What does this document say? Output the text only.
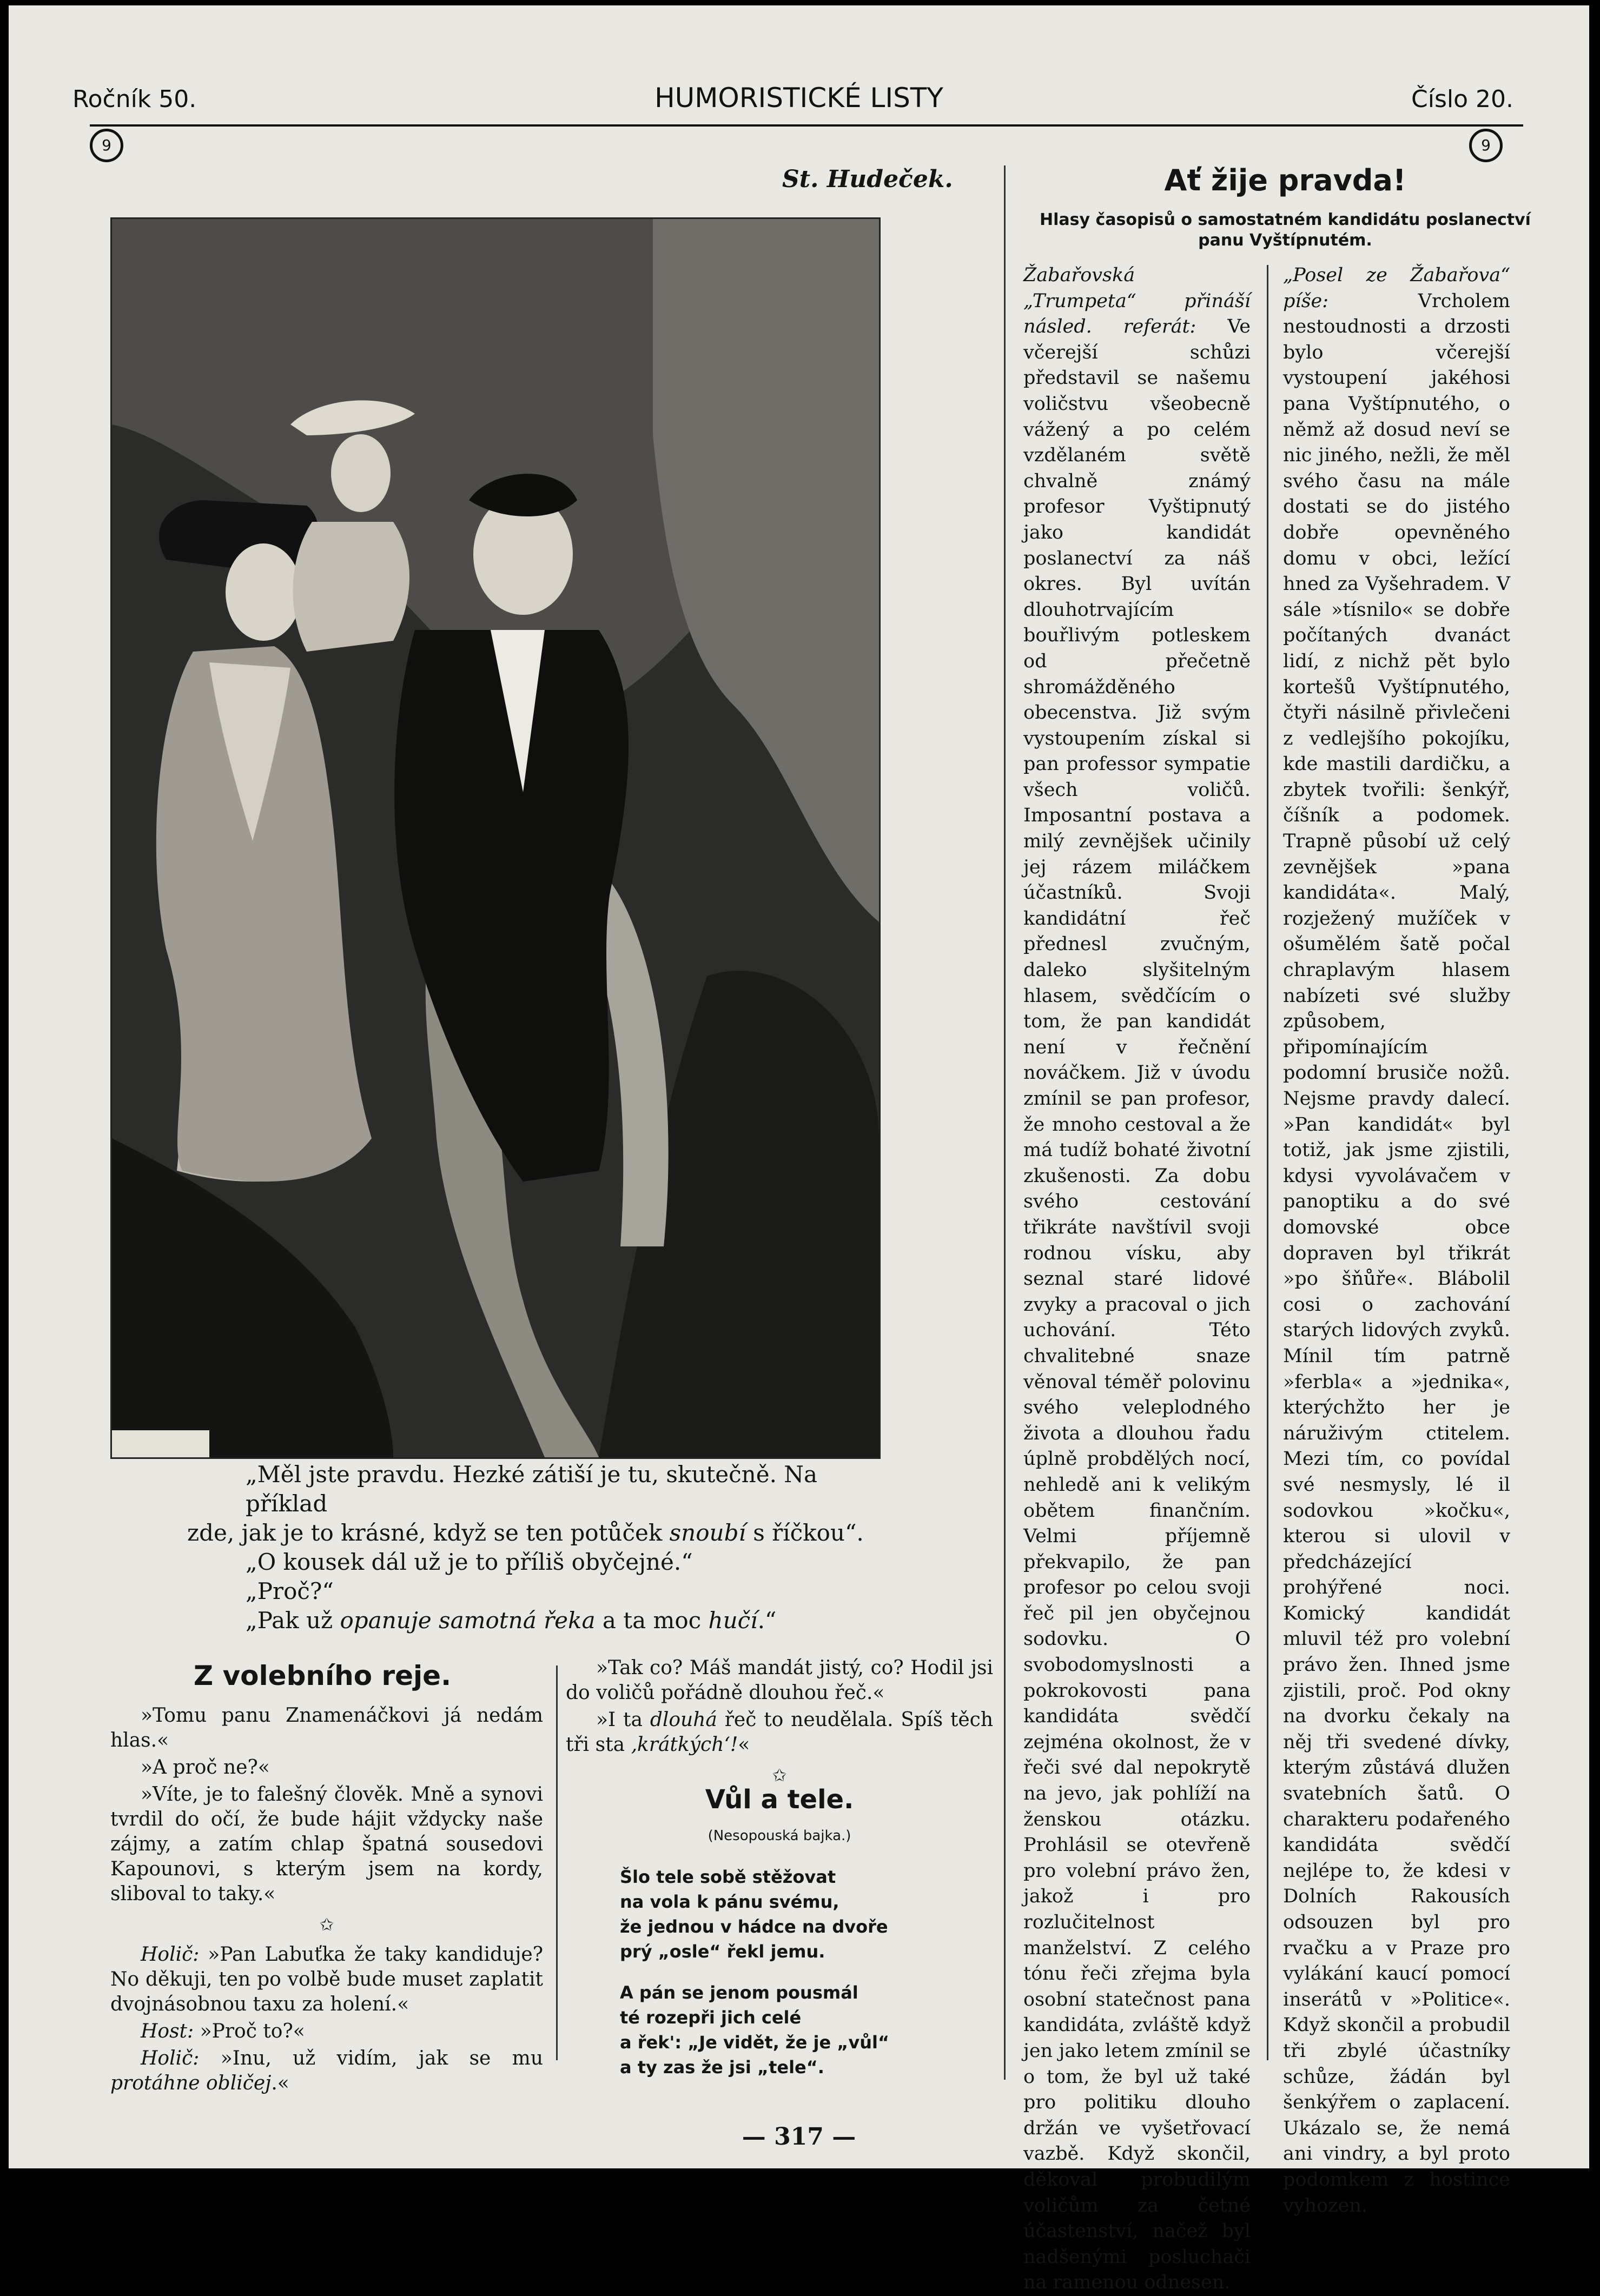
Ročník 50.	HUMORISTICKÉ LISTY	Číslo 20.
9	9
St. Hudeček.

„Měl jste pravdu. Hezké zátiší je tu, skutečně. Na příklad

zde, jak je to krásné, když se ten potůček snoubí s říčkou“.

„O kousek dál už je to příliš obyčejné.“

„Proč?“

„Pak už opanuje samotná řeka a ta moc hučí.“

Z volebního reje.

»Tomu panu Znamenáčkovi já nedám hlas.«

»A proč ne?«

»Víte, je to falešný člověk. Mně a synovi tvrdil do očí, že bude hájit vždycky naše zájmy, a zatím chlap špatná sousedovi Kapounovi, s kterým jsem na kordy, sliboval to taky.«

✩

Holič: »Pan Labuťka že taky kandiduje? No děkuji, ten po volbě bude muset zaplatit dvojnásobnou taxu za holení.«

Host: »Proč to?«

Holič: »Inu, už vidím, jak se mu protáhne obličej.«

»Tak co? Máš mandát jistý, co? Hodil jsi do voličů pořádně dlouhou řeč.«

»I ta dlouhá řeč to neudělala. Spíš těch tři sta ‚krátkých‘!«

✩

Vůl a tele.
(Nesopouská bajka.)

Šlo tele sobě stěžovat

na vola k pánu svému,

že jednou v hádce na dvoře

prý „osle“ řekl jemu.

A pán se jenom pousmál

té rozepři jich celé

a řek': „Je vidět, že je „vůl“

a ty zas že jsi „tele“.

Ať žije pravda!
Hlasy časopisů o samostatném kandidátu poslanectví panu Vyštípnutém.

Žabařovská „Trumpeta“ přináší násled. referát: Ve včerejší schůzi představil se našemu voličstvu všeobecně vážený a po celém vzdělaném světě chvalně známý profesor Vyštipnutý jako kandidát poslanectví za náš okres. Byl uvítán dlouhotrvajícím bouřlivým potleskem od přečetně shromážděného obecenstva. Již svým vystoupením získal si pan professor sympatie všech voličů. Imposantní postava a milý zevnějšek učinily jej rázem miláčkem účastníků. Svoji kandidátní řeč přednesl zvučným, daleko slyšitelným hlasem, svědčícím o tom, že pan kandidát není v řečnění nováčkem. Již v úvodu zmínil se pan profesor, že mnoho cestoval a že má tudíž bohaté životní zkušenosti. Za dobu svého cestování třikráte navštívil svoji rodnou vísku, aby seznal staré lidové zvyky a pracoval o jich uchování. Této chvalitebné snaze věnoval téměř polovinu svého veleplodného života a dlouhou řadu úplně probdělých nocí, nehledě ani k velikým obětem finančním. Velmi příjemně překvapilo, že pan profesor po celou svoji řeč pil jen obyčejnou sodovku. O svobodomyslnosti a pokrokovosti pana kandidáta svědčí zejména okolnost, že v řeči své dal nepokrytě na jevo, jak pohlíží na ženskou otázku. Prohlásil se otevřeně pro volební právo žen, jakož i pro rozlučitelnost manželství. Z celého tónu řeči zřejma byla osobní statečnost pana kandidáta, zvláště když jen jako letem zmínil se o tom, že byl už také pro politiku dlouho držán ve vyšetřovací vazbě. Když skončil, děkoval probudilým voličům za četné účastenství, načež byl nadšenými posluchači na ramenou odnesen.

„Posel ze Žabařova“ píše: Vrcholem nestoudnosti a drzosti bylo včerejší vystoupení jakéhosi pana Vyštípnutého, o němž až dosud neví se nic jiného, nežli, že měl svého času na mále dostati se do jistého dobře opevněného domu v obci, ležící hned za Vyšehradem. V sále »tísnilo« se dobře počítaných dvanáct lidí, z nichž pět bylo kortešů Vyštípnutého, čtyři násilně přivlečeni z vedlejšího pokojíku, kde mastili dardičku, a zbytek tvořili: šenkýř, číšník a podomek. Trapně působí už celý zevnějšek »pana kandidáta«. Malý, rozježený mužíček v ošumělém šatě počal chraplavým hlasem nabízeti své služby způsobem, připomínajícím podomní brusiče nožů. Nejsme pravdy dalecí. »Pan kandidát« byl totiž, jak jsme zjistili, kdysi vyvolávačem v panoptiku a do své domovské obce dopraven byl třikrát »po šňůře«. Blábolil cosi o zachování starých lidových zvyků. Mínil tím patrně »ferbla« a »jednika«, kterýchžto her je náruživým ctitelem. Mezi tím, co povídal své nesmysly, lé il sodovkou »kočku«, kterou si ulovil v předcházející prohýřené noci. Komický kandidát mluvil též pro volební právo žen. Ihned jsme zjistili, proč. Pod okny na dvorku čekaly na něj tři svedené dívky, kterým zůstává dlužen svatebních šatů. O charakteru podařeného kandidáta svědčí nejlépe to, že kdesi v Dolních Rakousích odsouzen byl pro rvačku a v Praze pro vylákání kaucí pomocí inserátů v »Politice«. Když skončil a probudil tři zbylé účastníky schůze, žádán byl šenkýřem o zaplacení. Ukázalo se, že nemá ani vindry, a byl proto podomkem z hostince vyhozen.

— 317 —
